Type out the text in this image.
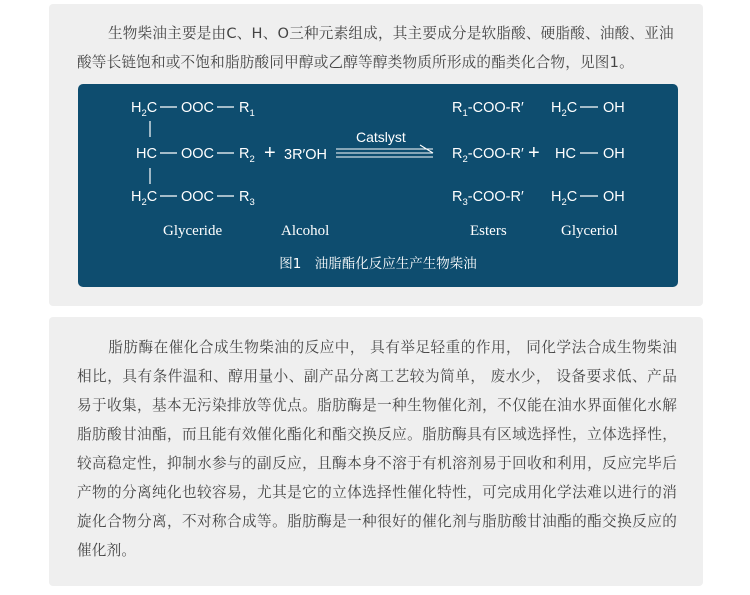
生物柴油主要是由C、H、O三种元素组成，其主要成分是软脂酸、硬脂酸、油酸、亚油酸等长链饱和或不饱和脂肪酸同甲醇或乙醇等醇类物质所形成的酯类化合物，见图1。

$H_2C$ OOC $R_1$
HC OOC $R_2$
$H_2C$ OOC $R_3$
+ 3R′OH
Catslyst
$R_1-COO-R'$
$R_2-COO-R'$
$R_3-COO-R'$
+
$H_2C$ OH
HC OH
$H_2C$ OH
Glyceride	Alcohol	Esters	Glyceriol
图1　油脂酯化反应生产生物柴油

脂肪酶在催化合成生物柴油的反应中， 具有举足轻重的作用， 同化学法合成生物柴油相比，具有条件温和、醇用量小、副产品分离工艺较为简单， 废水少， 设备要求低、产品易于收集，基本无污染排放等优点。脂肪酶是一种生物催化剂，不仅能在油水界面催化水解脂肪酸甘油酯，而且能有效催化酯化和酯交换反应。脂肪酶具有区域选择性，立体选择性，较高稳定性，抑制水参与的副反应，且酶本身不溶于有机溶剂易于回收和利用，反应完毕后产物的分离纯化也较容易，尤其是它的立体选择性催化特性，可完成用化学法难以进行的消旋化合物分离，不对称合成等。脂肪酶是一种很好的催化剂与脂肪酸甘油酯的酯交换反应的催化剂。
